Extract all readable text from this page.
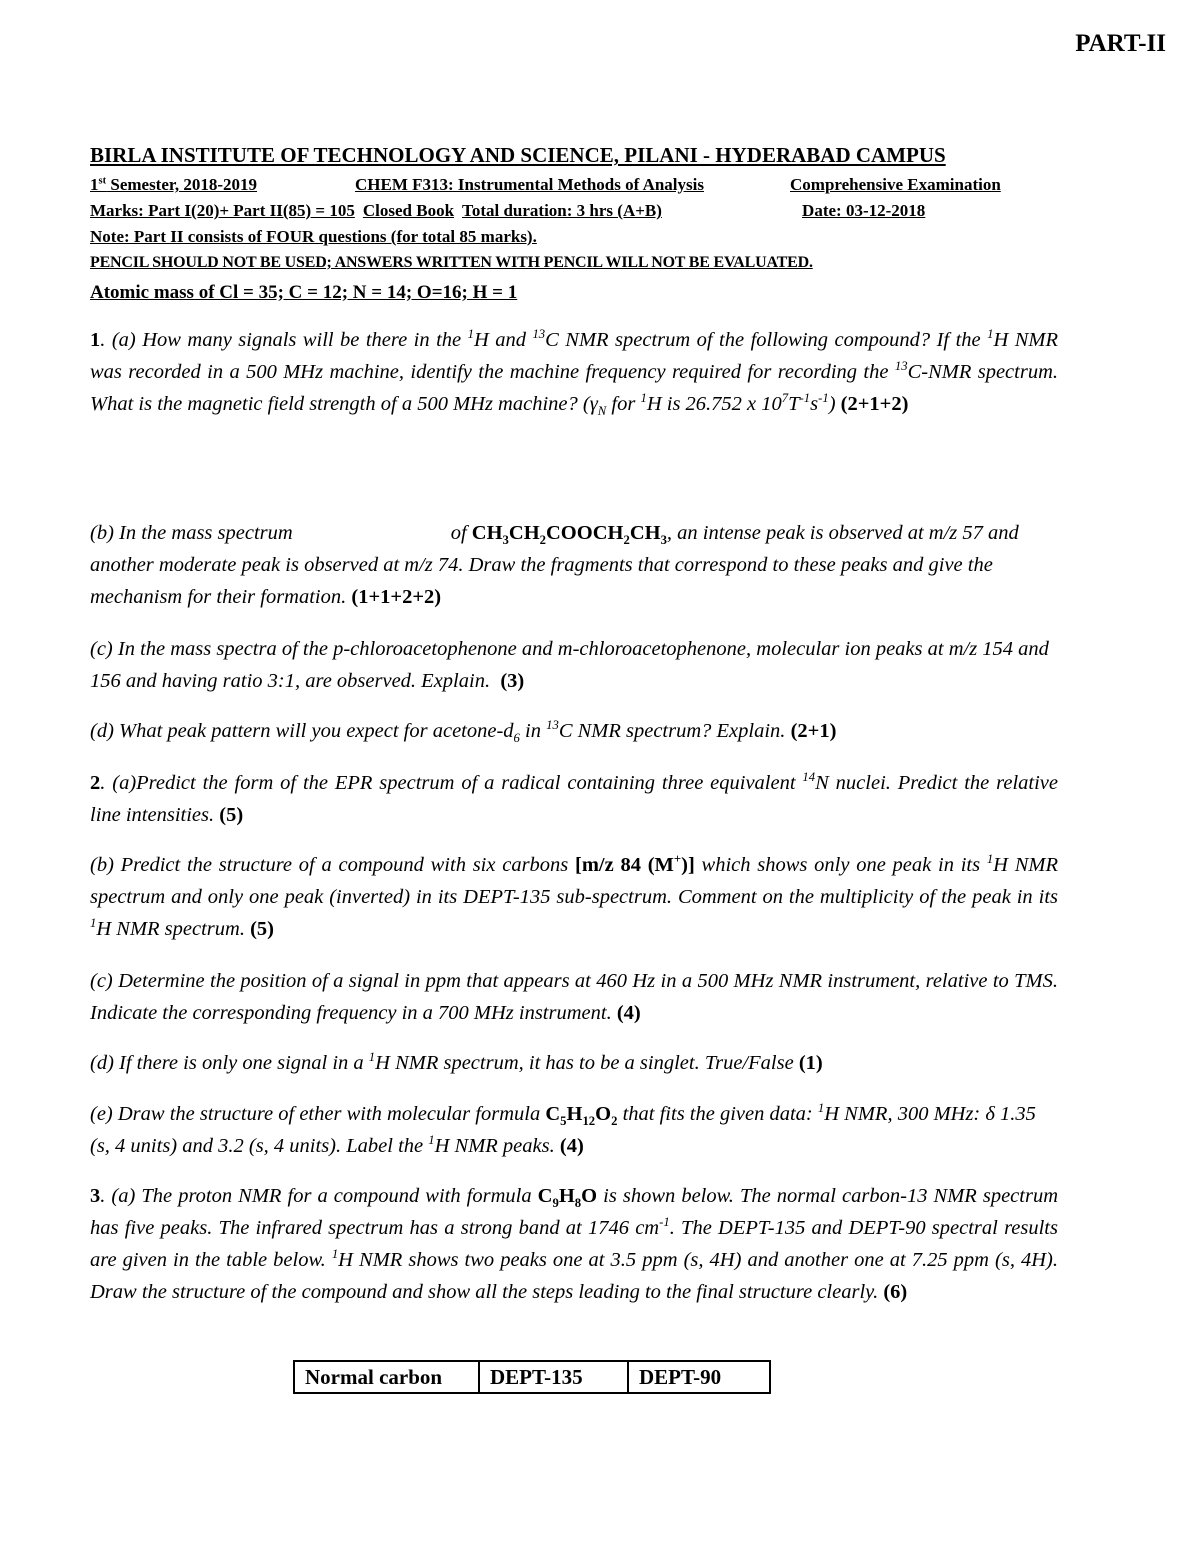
PART-II
BIRLA INSTITUTE OF TECHNOLOGY AND SCIENCE, PILANI - HYDERABAD CAMPUS
1st Semester, 2018-2019	CHEM F313: Instrumental Methods of Analysis	Comprehensive Examination
Marks: Part I(20)+ Part II(85) = 105 Closed Book Total duration: 3 hrs (A+B)	Date: 03-12-2018
Note: Part II consists of FOUR questions (for total 85 marks).
PENCIL SHOULD NOT BE USED; ANSWERS WRITTEN WITH PENCIL WILL NOT BE EVALUATED.
Atomic mass of Cl = 35; C = 12; N = 14; O=16; H = 1

1. (a) How many signals will be there in the $^1$H and $^{13}$C NMR spectrum of the following compound? If the $^1$H NMR was recorded in a 500 MHz machine, identify the machine frequency required for recording the $^{13}$C-NMR spectrum. What is the magnetic field strength of a 500 MHz machine? ($\gamma_N$ for $^1$H is 26.752 x $10^7T^{-1}s^{-1}$) (2+1+2)

(b) In the mass spectrum	of $CH_3CH_2COOCH_2CH_3$, an intense peak is observed at m/z 57 and another moderate peak is observed at m/z 74. Draw the fragments that correspond to these peaks and give the mechanism for their formation. (1+1+2+2)

(c) In the mass spectra of the p-chloroacetophenone and m-chloroacetophenone, molecular ion peaks at m/z 154 and 156 and having ratio 3:1, are observed. Explain.  (3)

(d) What peak pattern will you expect for acetone-$d_6$ in $^{13}$C NMR spectrum? Explain. (2+1)

2. (a)Predict the form of the EPR spectrum of a radical containing three equivalent $^{14}$N nuclei. Predict the relative line intensities. (5)

(b) Predict the structure of a compound with six carbons [m/z 84 (M+)] which shows only one peak in its $^1$H NMR spectrum and only one peak (inverted) in its DEPT-135 sub-spectrum. Comment on the multiplicity of the peak in its $^1$H NMR spectrum. (5)

(c) Determine the position of a signal in ppm that appears at 460 Hz in a 500 MHz NMR instrument, relative to TMS. Indicate the corresponding frequency in a 700 MHz instrument. (4)

(d) If there is only one signal in a $^1$H NMR spectrum, it has to be a singlet. True/False (1)

(e) Draw the structure of ether with molecular formula $C_5H_{12}O_2$ that fits the given data: $^1$H NMR, 300 MHz: δ 1.35 (s, 4 units) and 3.2 (s, 4 units). Label the $^1$H NMR peaks. (4)

3. (a) The proton NMR for a compound with formula $C_9H_8O$ is shown below. The normal carbon-13 NMR spectrum has five peaks. The infrared spectrum has a strong band at 1746 $cm^{-1}$. The DEPT-135 and DEPT-90 spectral results are given in the table below. $^1$H NMR shows two peaks one at 3.5 ppm (s, 4H) and another one at 7.25 ppm (s, 4H). Draw the structure of the compound and show all the steps leading to the final structure clearly. (6)

Normal carbon	DEPT-135	DEPT-90
